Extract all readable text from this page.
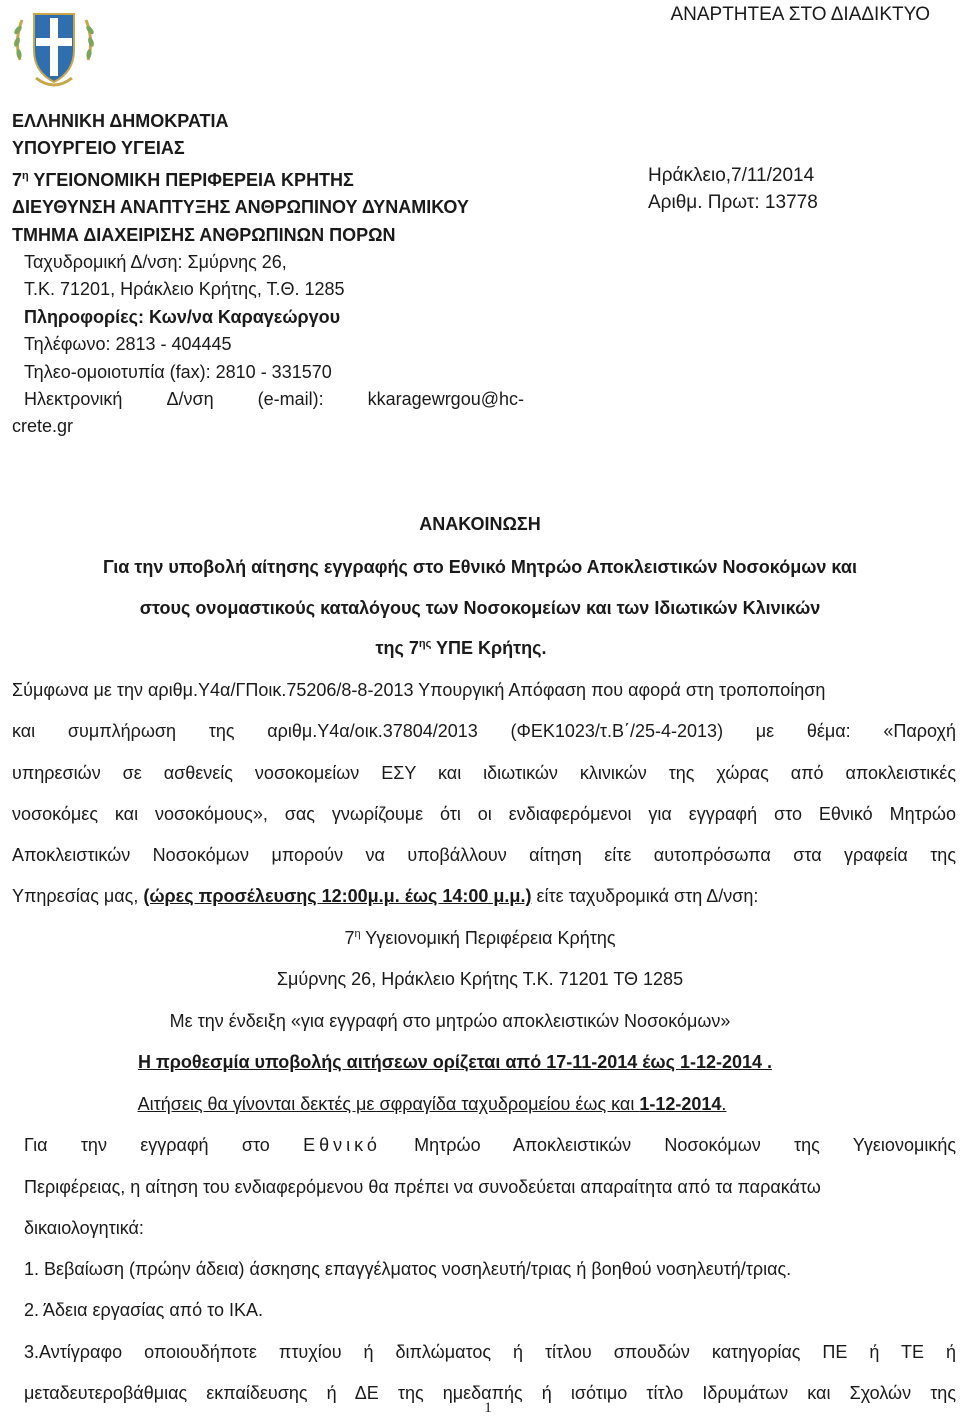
ΑΝΑΡΤΗΤΕΑ ΣΤΟ ΔΙΑΔΙΚΤΥΟ
ΕΛΛΗΝΙΚΗ ΔΗΜΟΚΡΑΤΙΑ
ΥΠΟΥΡΓΕΙΟ ΥΓΕΙΑΣ
$7^\eta$ ΥΓΕΙΟΝΟΜΙΚΗ ΠΕΡΙΦΕΡΕΙΑ ΚΡΗΤΗΣ
ΔΙΕΥΘΥΝΣΗ ΑΝΑΠΤΥΞΗΣ ΑΝΘΡΩΠΙΝΟΥ ΔΥΝΑΜΙΚΟΥ
ΤΜΗΜΑ ΔΙΑΧΕΙΡΙΣΗΣ ΑΝΘΡΩΠΙΝΩΝ ΠΟΡΩΝ
Ταχυδρομική Δ/νση: Σμύρνης 26,
Τ.Κ. 71201, Ηράκλειο Κρήτης, Τ.Θ. 1285
Πληροφορίες: Κων/να Καραγεώργου
Τηλέφωνο: 2813 - 404445
Τηλεο-ομοιοτυπία (fax): 2810 - 331570
Ηλεκτρονική Δ/νση (e-mail): kkaragewrgou@hc-
crete.gr
Ηράκλειο,7/11/2014
Αριθμ. Πρωτ: 13778
ΑΝΑΚΟΙΝΩΣΗ
Για την υποβολή αίτησης εγγραφής στο Εθνικό Μητρώο Αποκλειστικών Νοσοκόμων και
στους ονομαστικούς καταλόγους των Νοσοκομείων και των Ιδιωτικών Κλινικών
της $7^{\eta\varsigma}$ ΥΠΕ Κρήτης.
Σύμφωνα με την αριθμ.Υ4α/ΓΠοικ.75206/8-8-2013 Υπουργική Απόφαση που αφορά στη τροποποίηση
και συμπλήρωση της αριθμ.Υ4α/οικ.37804/2013 (ΦΕΚ1023/τ.Β΄/25-4-2013) με θέμα: «Παροχή
υπηρεσιών σε ασθενείς νοσοκομείων ΕΣΥ και ιδιωτικών κλινικών της χώρας από αποκλειστικές
νοσοκόμες και νοσοκόμους», σας γνωρίζουμε ότι οι ενδιαφερόμενοι για εγγραφή στο Εθνικό Μητρώο
Αποκλειστικών Νοσοκόμων μπορούν να υποβάλλουν αίτηση είτε αυτοπρόσωπα στα γραφεία της
Υπηρεσίας μας, (ώρες προσέλευσης 12:00μ.μ. έως 14:00 μ.μ.) είτε ταχυδρομικά στη Δ/νση:
$7^\eta$ Υγειονομική Περιφέρεια Κρήτης
Σμύρνης 26, Ηράκλειο Κρήτης Τ.Κ. 71201 ΤΘ 1285
Με την ένδειξη «για εγγραφή στο μητρώο αποκλειστικών Νοσοκόμων»
Η προθεσμία υποβολής αιτήσεων ορίζεται από 17-11-2014 έως 1-12-2014 .
Αιτήσεις θα γίνονται δεκτές με σφραγίδα ταχυδρομείου έως και 1-12-2014.
Για την εγγραφή στο Εθνικό Μητρώο Αποκλειστικών Νοσοκόμων της Υγειονομικής
Περιφέρειας, η αίτηση του ενδιαφερόμενου θα πρέπει να συνοδεύεται απαραίτητα από τα παρακάτω
δικαιολογητικά:
1. Βεβαίωση (πρώην άδεια) άσκησης επαγγέλματος νοσηλευτή/τριας ή βοηθού νοσηλευτή/τριας.
2. Άδεια εργασίας από το ΙΚΑ.
3.Αντίγραφο οποιουδήποτε πτυχίου ή διπλώματος ή τίτλου σπουδών κατηγορίας ΠΕ ή ΤΕ ή
μεταδευτεροβάθμιας εκπαίδευσης ή ΔΕ της ημεδαπής ή ισότιμο τίτλο Ιδρυμάτων και Σχολών της
1
